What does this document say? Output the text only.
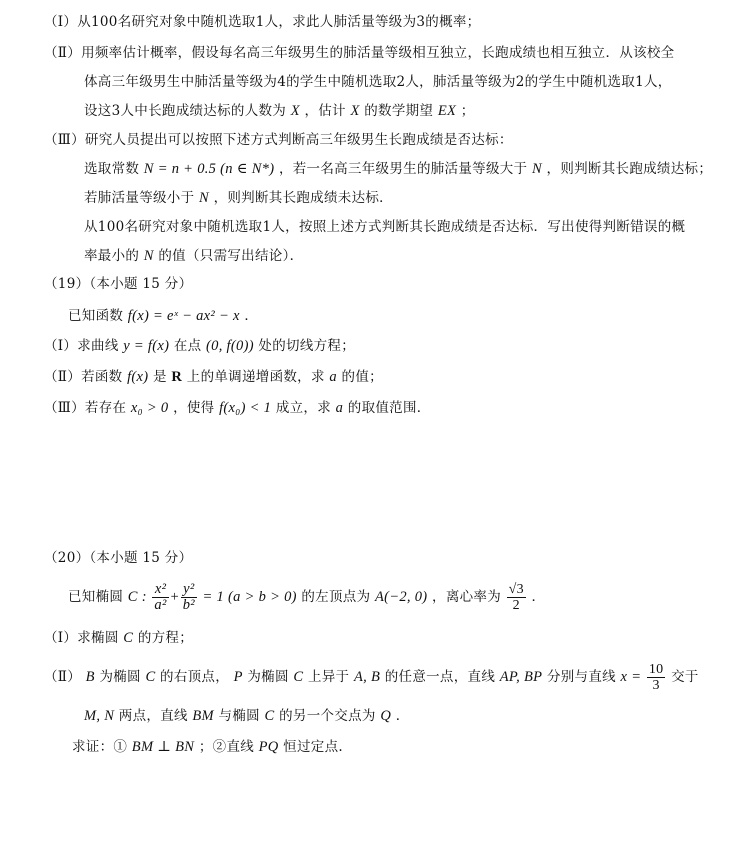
（Ⅰ）从100名研究对象中随机选取1人，求此人肺活量等级为3的概率；
（Ⅱ）用频率估计概率，假设每名高三年级男生的肺活量等级相互独立，长跑成绩也相互独立．从该校全
体高三年级男生中肺活量等级为4的学生中随机选取2人，肺活量等级为2的学生中随机选取1人，
设这3人中长跑成绩达标的人数为 X ，估计 X 的数学期望 EX ；
（Ⅲ）研究人员提出可以按照下述方式判断高三年级男生长跑成绩是否达标：
选取常数 N = n + 0.5 (n ∈ N*) ，若一名高三年级男生的肺活量等级大于 N ，则判断其长跑成绩达标；
若肺活量等级小于 N ，则判断其长跑成绩未达标．
从100名研究对象中随机选取1人，按照上述方式判断其长跑成绩是否达标．写出使得判断错误的概
率最小的 N 的值（只需写出结论）．
（19）（本小题 15 分）
已知函数 f(x) = eˣ − ax² − x ．
（Ⅰ）求曲线 y = f(x) 在点 (0, f(0)) 处的切线方程；
（Ⅱ）若函数 f(x) 是 R 上的单调递增函数，求 a 的值；
（Ⅲ）若存在 x₀ > 0 ，使得 f(x₀) < 1 成立，求 a 的取值范围．
（20）（本小题 15 分）
已知椭圆 C : $\frac{\text{x²}}{\text{a²}} + \frac{\text{y²}}{\text{b²}} = 1$ (a > b > 0) 的左顶点为 A(−2, 0) ，离心率为 $\frac{√3}{2}$ ．
（Ⅰ）求椭圆 C 的方程；
（Ⅱ） B 为椭圆 C 的右顶点， P 为椭圆 C 上异于 A, B 的任意一点，直线 AP, BP 分别与直线 $x = \frac{10}{3}$ 交于
M, N 两点，直线 BM 与椭圆 C 的另一个交点为 Q ．
求证：① BM ⊥ BN ；②直线 PQ 恒过定点.
